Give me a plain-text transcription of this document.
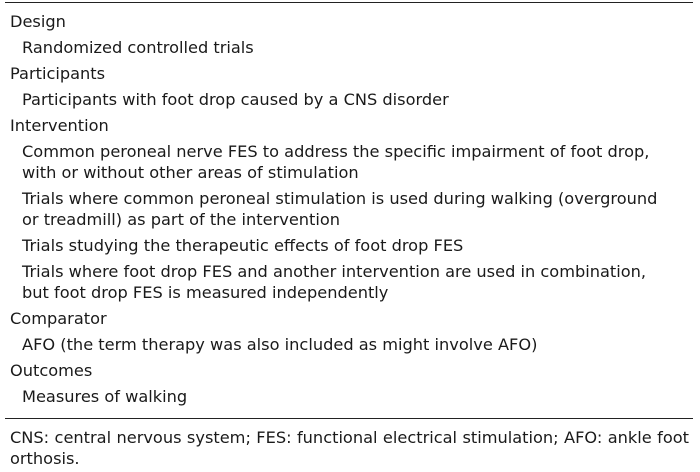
Design
Randomized controlled trials
Participants
Participants with foot drop caused by a CNS disorder
Intervention
Common peroneal nerve FES to address the specific impairment of foot drop, with or without other areas of stimulation
Trials where common peroneal stimulation is used during walking (overground or treadmill) as part of the intervention
Trials studying the therapeutic effects of foot drop FES
Trials where foot drop FES and another intervention are used in combination, but foot drop FES is measured independently
Comparator
AFO (the term therapy was also included as might involve AFO)
Outcomes
Measures of walking
CNS: central nervous system; FES: functional electrical stimulation; AFO: ankle foot orthosis.
